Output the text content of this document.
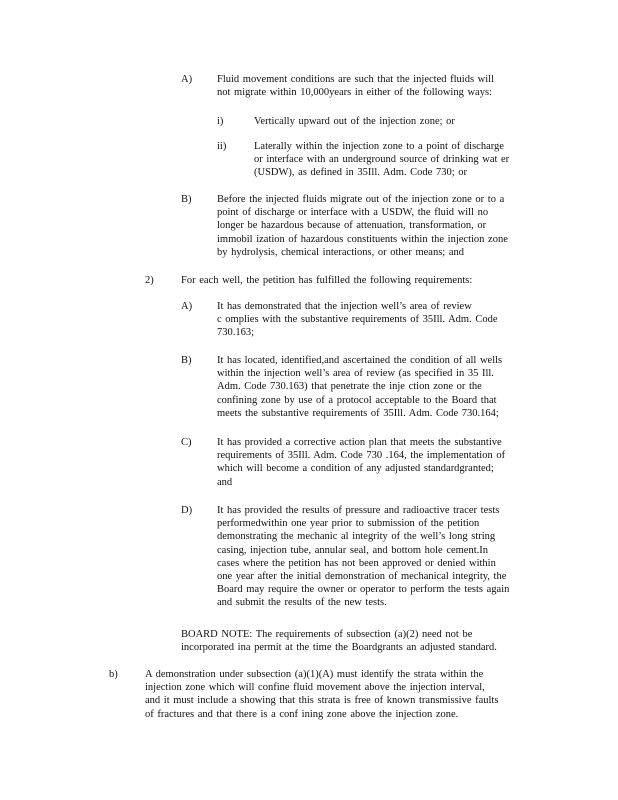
A) Fluid movement conditions are such that the injected fluids will
not migrate within 10,000years in either of the following ways:
i)	Vertically upward out of the injection zone; or
ii)	Laterally within the injection zone to a point of discharge
or interface with an underground source of drinking wat er
(USDW), as defined in 35Ill. Adm. Code 730; or
B) Before the injected fluids migrate out of the injection zone or to a
point of discharge or interface with a USDW, the fluid will no
longer be hazardous because of attenuation, transformation, or
immobil ization of hazardous constituents within the injection zone
by hydrolysis, chemical interactions, or other means; and
2)	For each well, the petition has fulfilled the following requirements:
A) It has demonstrated that the injection well’s area of review
c omplies with the substantive requirements of 35Ill. Adm. Code
730.163;
B) It has located, identified,and ascertained the condition of all wells
within the injection well’s area of review (as specified in 35 Ill.
Adm. Code 730.163) that penetrate the inje ction zone or the
confining zone by use of a protocol acceptable to the Board that
meets the substantive requirements of 35Ill. Adm. Code 730.164;
C) It has provided a corrective action plan that meets the substantive
requirements of 35Ill. Adm. Code 730 .164, the implementation of
which will become a condition of any adjusted standardgranted;
and
D) It has provided the results of pressure and radioactive tracer tests
performedwithin one year prior to submission of the petition
demonstrating the mechanic al integrity of the well’s long string
casing, injection tube, annular seal, and bottom hole cement.In
cases where the petition has not been approved or denied within
one year after the initial demonstration of mechanical integrity, the
Board may require the owner or operator to perform the tests again
and submit the results of the new tests.
BOARD NOTE: The requirements of subsection (a)(2) need not be
incorporated ina permit at the time the Boardgrants an adjusted standard.
b)	A demonstration under subsection (a)(1)(A) must identify the strata within the
injection zone which will confine fluid movement above the injection interval,
and it must include a showing that this strata is free of known transmissive faults
of fractures and that there is a conf ining zone above the injection zone.
